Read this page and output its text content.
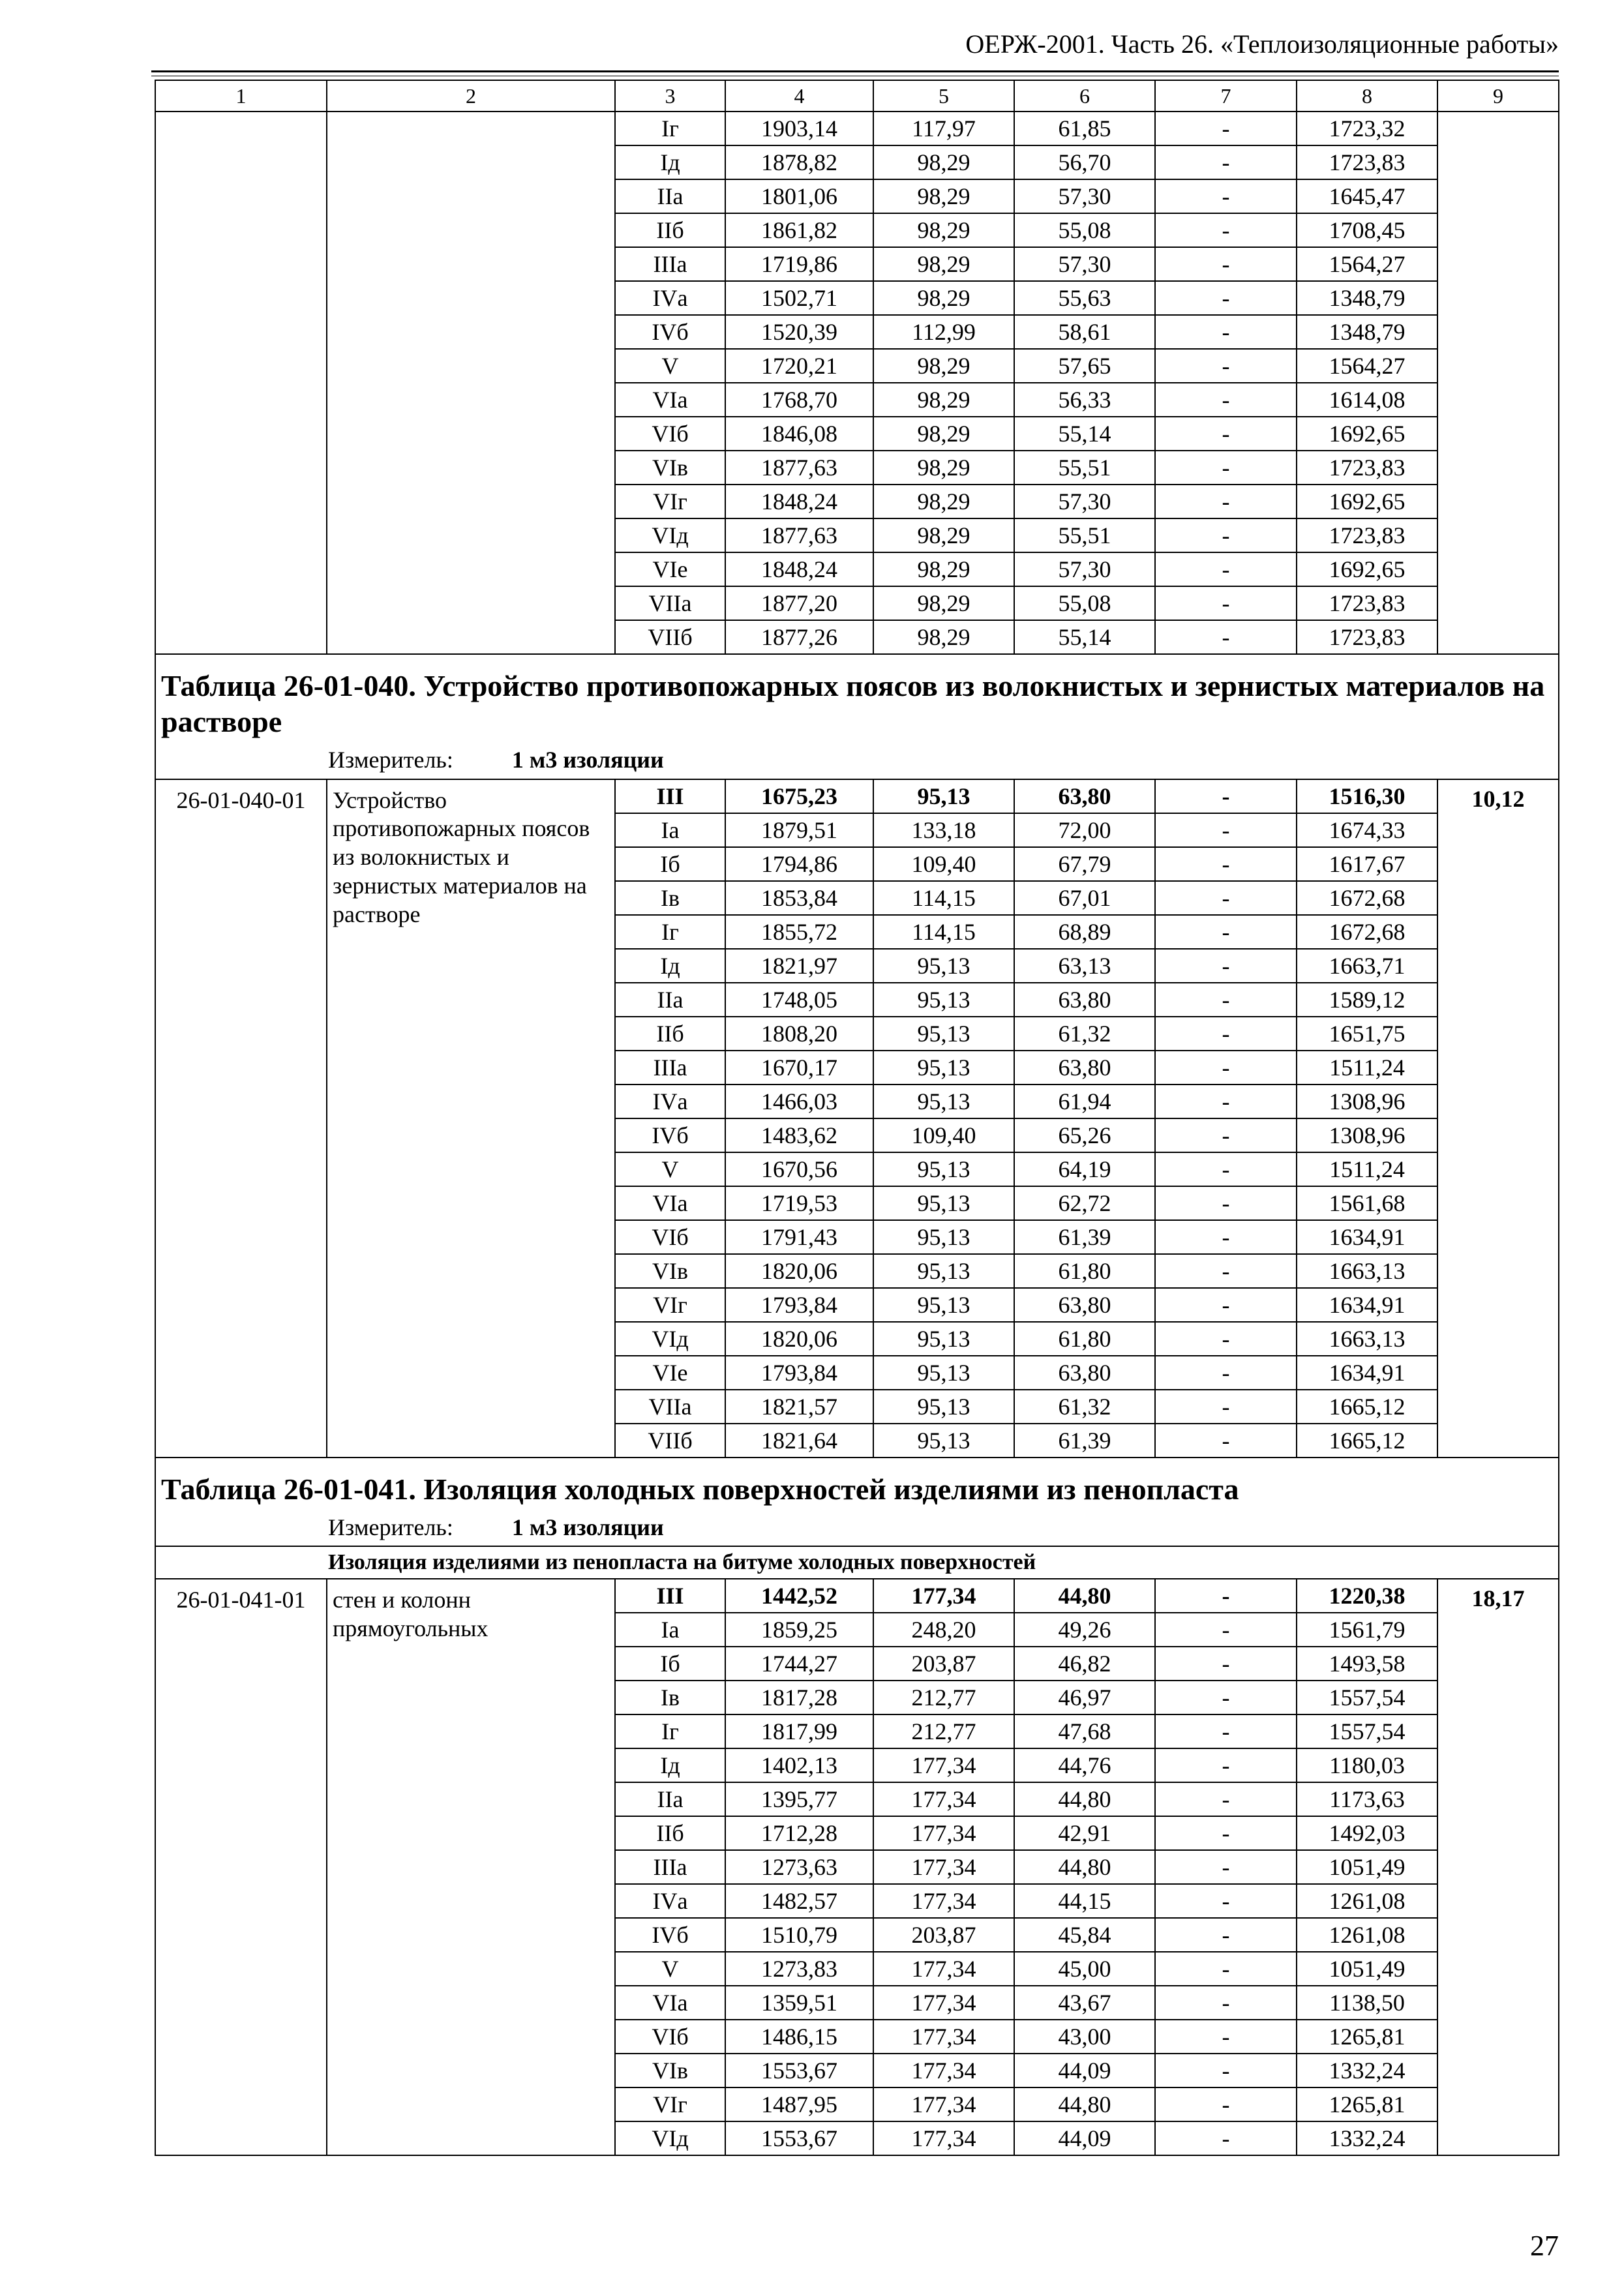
ОЕРЖ-2001. Часть 26. «Теплоизоляционные работы»
1	2	3	4	5	6	7	8	9
		Iг	1903,14	117,97	61,85	-	1723,32	
		Iд	1878,82	98,29	56,70	-	1723,83	
		IIа	1801,06	98,29	57,30	-	1645,47	
		IIб	1861,82	98,29	55,08	-	1708,45	
		IIIа	1719,86	98,29	57,30	-	1564,27	
		IVа	1502,71	98,29	55,63	-	1348,79	
		IVб	1520,39	112,99	58,61	-	1348,79	
		V	1720,21	98,29	57,65	-	1564,27	
		VIа	1768,70	98,29	56,33	-	1614,08	
		VIб	1846,08	98,29	55,14	-	1692,65	
		VIв	1877,63	98,29	55,51	-	1723,83	
		VIг	1848,24	98,29	57,30	-	1692,65	
		VIд	1877,63	98,29	55,51	-	1723,83	
		VIе	1848,24	98,29	57,30	-	1692,65	
		VIIа	1877,20	98,29	55,08	-	1723,83	
		VIIб	1877,26	98,29	55,14	-	1723,83	
Таблица 26-01-040. Устройство противопожарных поясов из волокнистых и зернистых материалов на растворе
Измеритель: 1 м3 изоляции								

26-01-040-01	Устройство противопожарных поясов из волокнистых и зернистых материалов на растворе	III	1675,23	95,13	63,80	-	1516,30	10,12
		Iа	1879,51	133,18	72,00	-	1674,33	
		Iб	1794,86	109,40	67,79	-	1617,67	
		Iв	1853,84	114,15	67,01	-	1672,68	
		Iг	1855,72	114,15	68,89	-	1672,68	
		Iд	1821,97	95,13	63,13	-	1663,71	
		IIа	1748,05	95,13	63,80	-	1589,12	
		IIб	1808,20	95,13	61,32	-	1651,75	
		IIIа	1670,17	95,13	63,80	-	1511,24	
		IVа	1466,03	95,13	61,94	-	1308,96	
		IVб	1483,62	109,40	65,26	-	1308,96	
		V	1670,56	95,13	64,19	-	1511,24	
		VIа	1719,53	95,13	62,72	-	1561,68	
		VIб	1791,43	95,13	61,39	-	1634,91	
		VIв	1820,06	95,13	61,80	-	1663,13	
		VIг	1793,84	95,13	63,80	-	1634,91	
		VIд	1820,06	95,13	61,80	-	1663,13	
		VIе	1793,84	95,13	63,80	-	1634,91	
		VIIа	1821,57	95,13	61,32	-	1665,12	
		VIIб	1821,64	95,13	61,39	-	1665,12	
Таблица 26-01-041. Изоляция холодных поверхностей изделиями из пенопласта
Измеритель: 1 м3 изоляции								

Изоляция изделиями из пенопласта на битуме холодных поверхностей								
26-01-041-01	стен и колонн прямоугольных	III	1442,52	177,34	44,80	-	1220,38	18,17
		Iа	1859,25	248,20	49,26	-	1561,79	
		Iб	1744,27	203,87	46,82	-	1493,58	
		Iв	1817,28	212,77	46,97	-	1557,54	
		Iг	1817,99	212,77	47,68	-	1557,54	
		Iд	1402,13	177,34	44,76	-	1180,03	
		IIа	1395,77	177,34	44,80	-	1173,63	
		IIб	1712,28	177,34	42,91	-	1492,03	
		IIIа	1273,63	177,34	44,80	-	1051,49	
		IVа	1482,57	177,34	44,15	-	1261,08	
		IVб	1510,79	203,87	45,84	-	1261,08	
		V	1273,83	177,34	45,00	-	1051,49	
		VIа	1359,51	177,34	43,67	-	1138,50	
		VIб	1486,15	177,34	43,00	-	1265,81	
		VIв	1553,67	177,34	44,09	-	1332,24	
		VIг	1487,95	177,34	44,80	-	1265,81	
		VIд	1553,67	177,34	44,09	-	1332,24	
27
